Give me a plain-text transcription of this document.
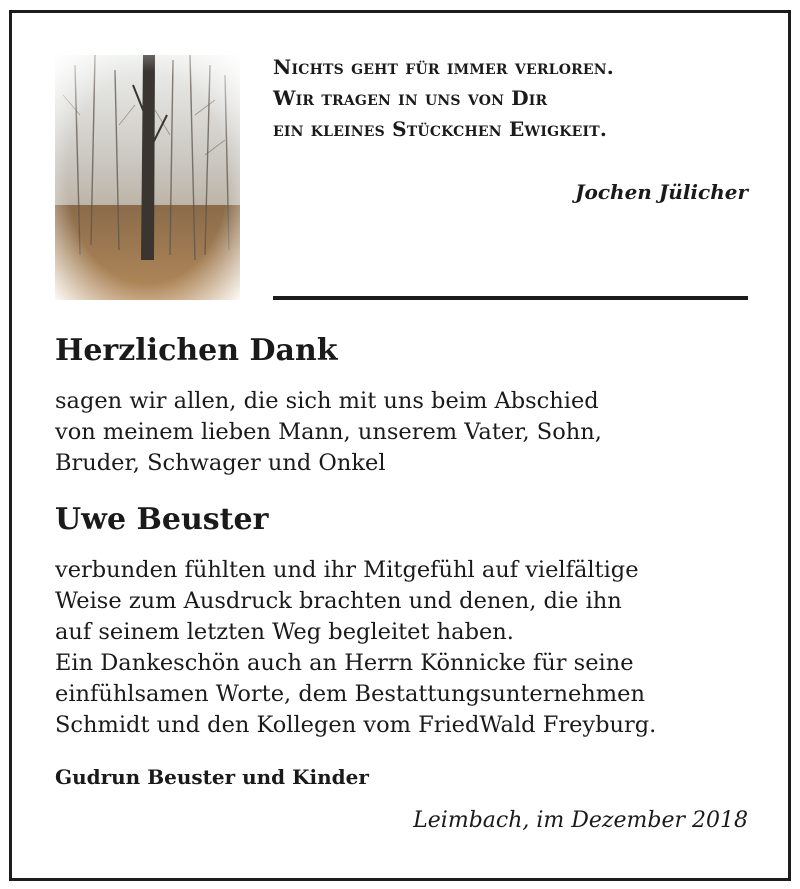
Nichts geht für immer verloren.
Wir tragen in uns von Dir
ein kleines Stückchen Ewigkeit.
Jochen Jülicher
Herzlichen Dank
sagen wir allen, die sich mit uns beim Abschied
von meinem lieben Mann, unserem Vater, Sohn,
Bruder, Schwager und Onkel
Uwe Beuster
verbunden fühlten und ihr Mitgefühl auf vielfältige
Weise zum Ausdruck brachten und denen, die ihn
auf seinem letzten Weg begleitet haben.
Ein Dankeschön auch an Herrn Könnicke für seine
einfühlsamen Worte, dem Bestattungsunternehmen
Schmidt und den Kollegen vom FriedWald Freyburg.
Gudrun Beuster und Kinder
Leimbach, im Dezember 2018
